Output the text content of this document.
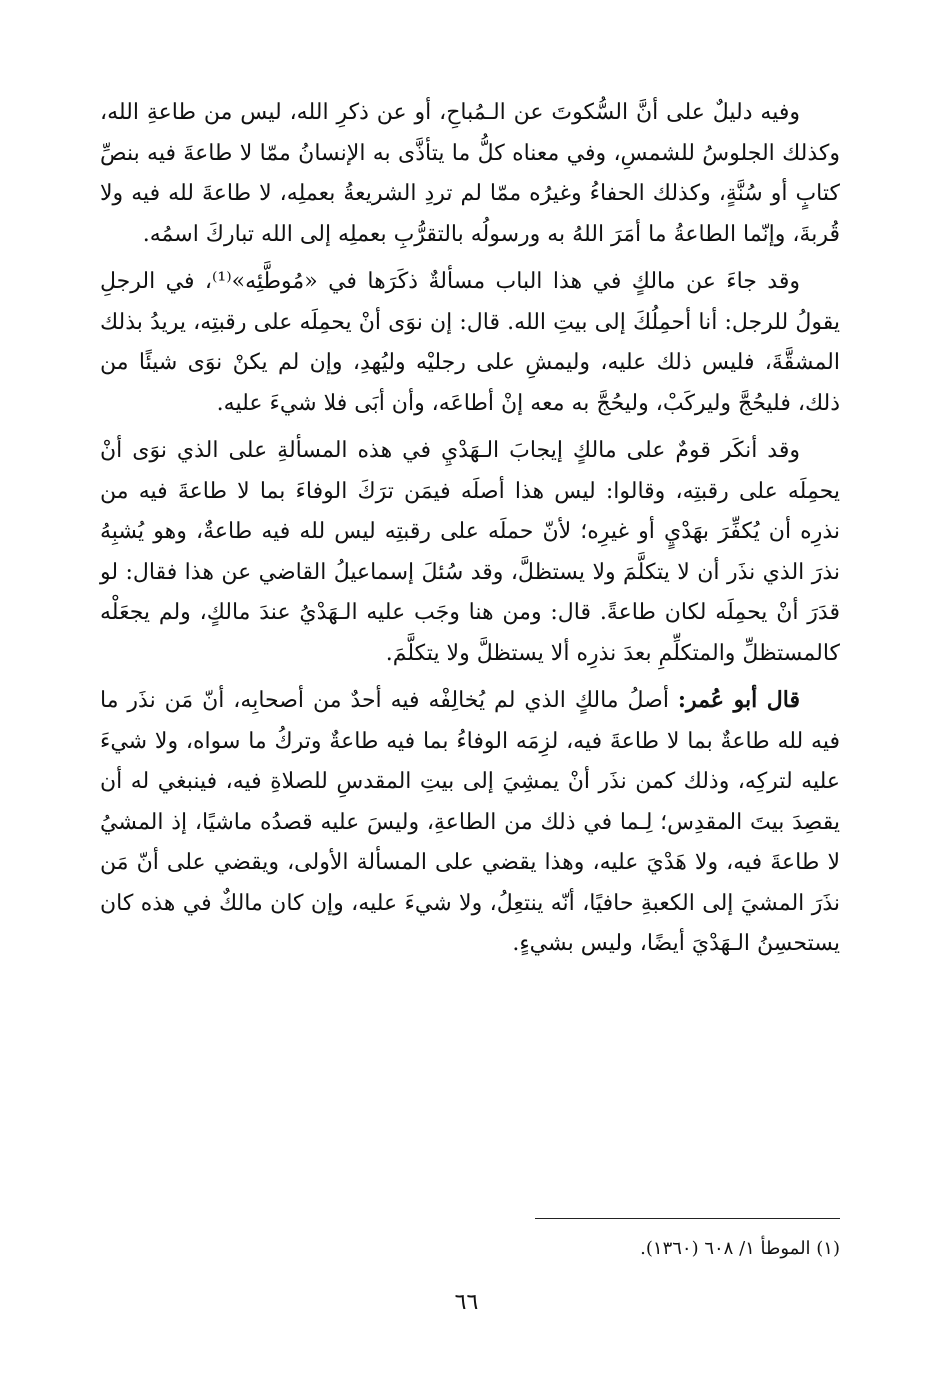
وفيه دليلٌ على أنَّ السُّكوتَ عن الـمُباحِ، أو عن ذكرِ الله، ليس من طاعةِ الله، وكذلك الجلوسُ للشمسِ، وفي معناه كلُّ ما يتأذَّى به الإنسانُ ممّا لا طاعةَ فيه بنصِّ كتابٍ أو سُنَّةٍ، وكذلك الحفاءُ وغيرُه ممّا لم تردِ الشريعةُ بعملِه، لا طاعةَ لله فيه ولا قُربةَ، وإنّما الطاعةُ ما أمَرَ اللهُ به ورسولُه بالتقرُّبِ بعملِه إلى الله تباركَ اسمُه.

وقد جاءَ عن مالكٍ في هذا الباب مسألةٌ ذكَرَها في «مُوطَّئِه»⁽¹⁾، في الرجلِ يقولُ للرجل: أنا أحمِلُكَ إلى بيتِ الله. قال: إن نوَى أنْ يحمِلَه على رقبتِه، يريدُ بذلك المشقَّةَ، فليس ذلك عليه، وليمشِ على رجليْه وليُهدِ، وإن لم يكنْ نوَى شيئًا من ذلك، فليحُجَّ وليركَبْ، وليحُجَّ به معه إنْ أطاعَه، وأن أبَى فلا شيءَ عليه.

وقد أنكَر قومٌ على مالكٍ إيجابَ الـهَدْيِ في هذه المسألةِ على الذي نوَى أنْ يحمِلَه على رقبتِه، وقالوا: ليس هذا أصلَه فيمَن ترَكَ الوفاءَ بما لا طاعةَ فيه من نذرِه أن يُكفِّرَ بهَدْيٍ أو غيرِه؛ لأنّ حملَه على رقبتِه ليس لله فيه طاعةٌ، وهو يُشبِهُ نذرَ الذي نذَر أن لا يتكلَّمَ ولا يستظلَّ، وقد سُئلَ إسماعيلُ القاضي عن هذا فقال: لو قدَرَ أنْ يحمِلَه لكان طاعةً. قال: ومن هنا وجَب عليه الـهَدْيُ عندَ مالكٍ، ولم يجعَلْه كالمستظلِّ والمتكلِّمِ بعدَ نذرِه ألا يستظلَّ ولا يتكلَّمَ.

قال أبو عُمر: أصلُ مالكٍ الذي لم يُخالِفْه فيه أحدٌ من أصحابِه، أنّ مَن نذَر ما فيه لله طاعةٌ بما لا طاعةَ فيه، لزِمَه الوفاءُ بما فيه طاعةٌ وتركُ ما سواه، ولا شيءَ عليه لتركِه، وذلك كمن نذَر أنْ يمشِيَ إلى بيتِ المقدسِ للصلاةِ فيه، فينبغي له أن يقصِدَ بيتَ المقدِس؛ لِـما في ذلك من الطاعةِ، وليسَ عليه قصدُه ماشيًا، إذ المشيُ لا طاعةَ فيه، ولا هَدْيَ عليه، وهذا يقضي على المسألة الأولى، ويقضي على أنّ مَن نذَرَ المشيَ إلى الكعبةِ حافيًا، أنّه ينتعِلُ، ولا شيءَ عليه، وإن كان مالكٌ في هذه كان يستحسِنُ الـهَدْيَ أيضًا، وليس بشيءٍ.

(١) الموطأ ١/ ٦٠٨ (١٣٦٠).
٦٦
